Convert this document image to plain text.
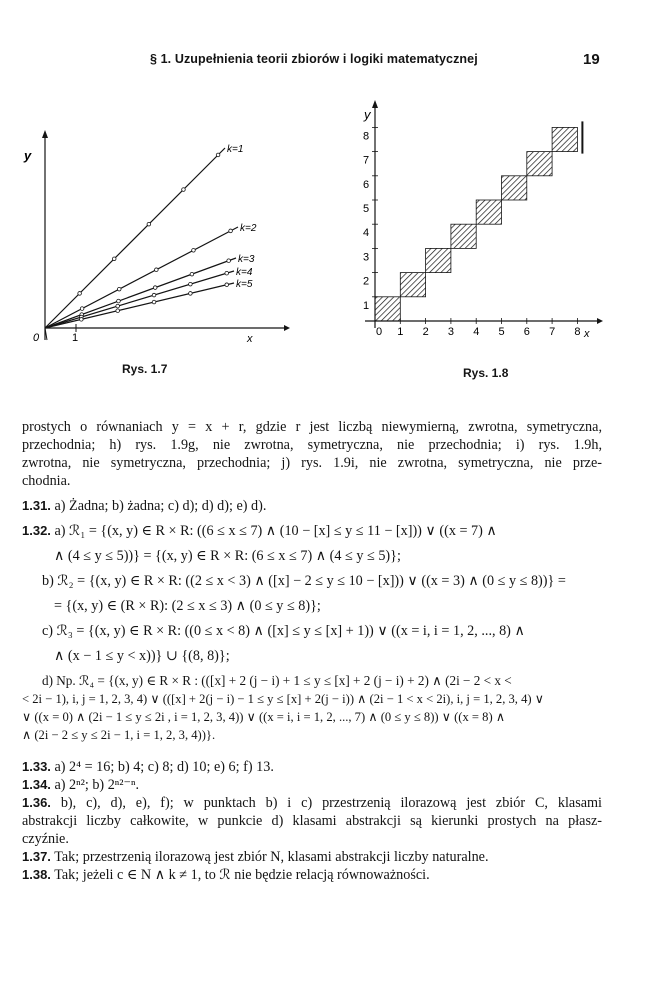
§ 1. Uzupełnienia teorii zbiorów i logiki matematycznej	19
y
x
0	1
k=1
k=2
k=3
k=4
k=5
Rys. 1.7
y
x
0 1 2 3 4 5 6 7 8
1
2
3
4
5
6
7
8
Rys. 1.8
prostych o równaniach y = x + r, gdzie r jest liczbą niewymierną, zwrotna, symetryczna,
przechodnia; h) rys. 1.9g, nie zwrotna, symetryczna, nie przechodnia; i) rys. 1.9h,
zwrotna, nie symetryczna, przechodnia; j) rys. 1.9i, nie zwrotna, symetryczna, nie prze-
chodnia.
1.31. a) Żadna; b) żadna; c) d); d) d); e) d).
1.32. a) ℛ₁ = {(x, y) ∈ R × R: ((6 ≤ x ≤ 7) ∧ (10 − [x] ≤ y ≤ 11 − [x])) ∨ ((x = 7) ∧
∧ (4 ≤ y ≤ 5))} = {(x, y) ∈ R × R: (6 ≤ x ≤ 7) ∧ (4 ≤ y ≤ 5)};
b) ℛ₂ = {(x, y) ∈ R × R: ((2 ≤ x < 3) ∧ ([x] − 2 ≤ y ≤ 10 − [x])) ∨ ((x = 3) ∧ (0 ≤ y ≤ 8))} =
= {(x, y) ∈ (R × R): (2 ≤ x ≤ 3) ∧ (0 ≤ y ≤ 8)};
c) ℛ₃ = {(x, y) ∈ R × R: ((0 ≤ x < 8) ∧ ([x] ≤ y ≤ [x] + 1)) ∨ ((x = i, i = 1, 2, ..., 8) ∧
∧ (x − 1 ≤ y < x))} ∪ {(8, 8)};
d) Np. ℛ₄ = {(x, y) ∈ R × R : (([x] + 2 (j − i) + 1 ≤ y ≤ [x] + 2 (j − i) + 2) ∧ (2i − 2 < x <
< 2i − 1), i, j = 1, 2, 3, 4) ∨ (([x] + 2(j − i) − 1 ≤ y ≤ [x] + 2(j − i)) ∧ (2i − 1 < x < 2i), i, j = 1, 2, 3, 4) ∨
∨ ((x = 0) ∧ (2i − 1 ≤ y ≤ 2i , i = 1, 2, 3, 4)) ∨ ((x = i, i = 1, 2, ..., 7) ∧ (0 ≤ y ≤ 8)) ∨ ((x = 8) ∧
∧ (2i − 2 ≤ y ≤ 2i − 1, i = 1, 2, 3, 4))}.
1.33. a) 2⁴ = 16; b) 4; c) 8; d) 10; e) 6; f) 13.
1.34. a) 2ⁿ²; b) 2ⁿ²⁻ⁿ.
1.36. b), c), d), e), f); w punktach b) i c) przestrzenią ilorazową jest zbiór C, klasami
abstrakcji liczby całkowite, w punkcie d) klasami abstrakcji są kierunki prostych na płasz-
czyźnie.
1.37. Tak; przestrzenią ilorazową jest zbiór N, klasami abstrakcji liczby naturalne.
1.38. Tak; jeżeli c ∈ N ∧ k ≠ 1, to ℛ nie będzie relacją równoważności.
